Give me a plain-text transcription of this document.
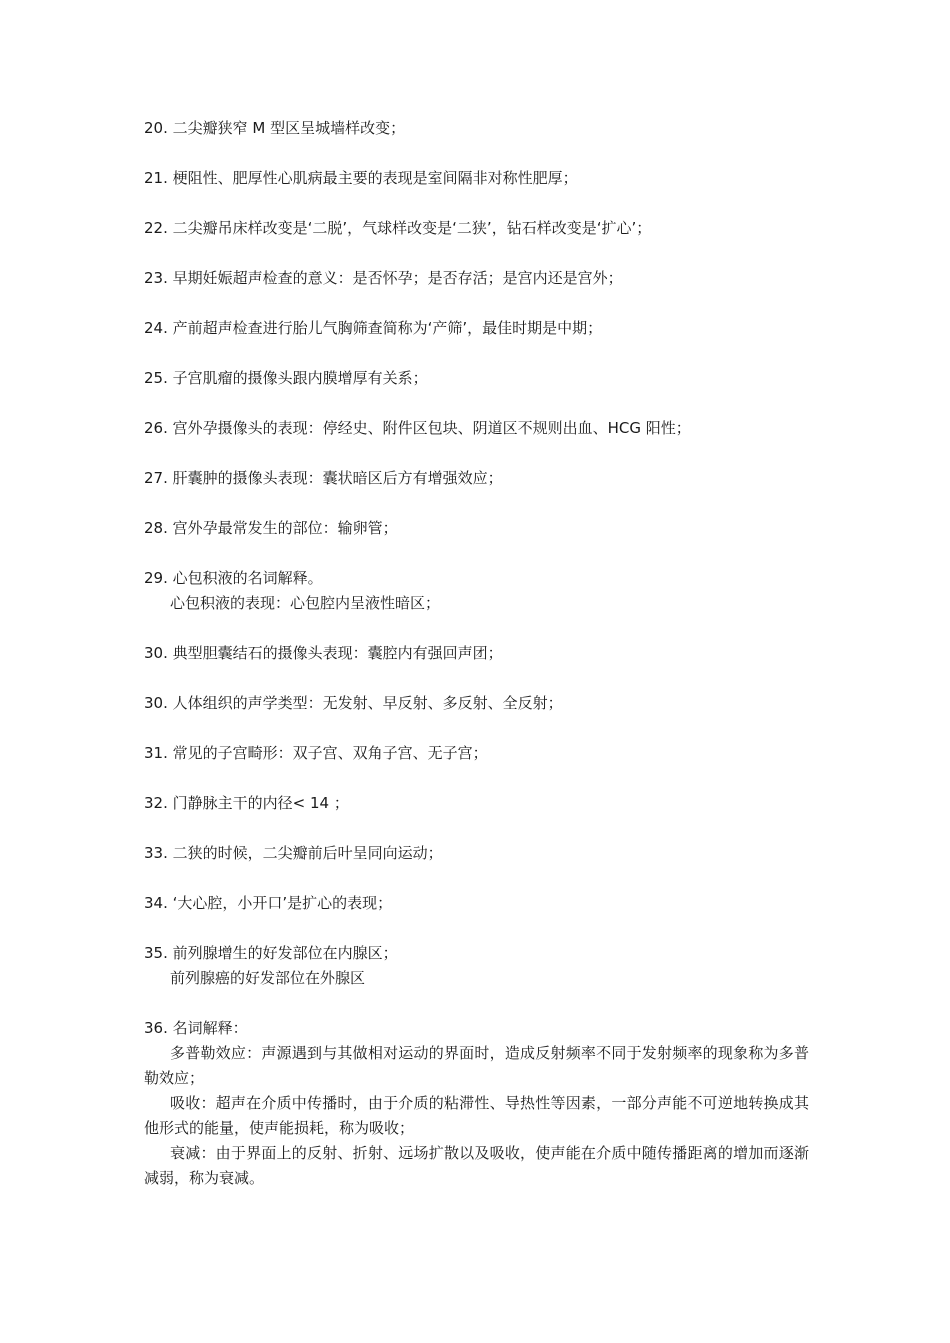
20. 二尖瓣狭窄 M 型区呈城墙样改变；
21. 梗阻性、肥厚性心肌病最主要的表现是室间隔非对称性肥厚；
22. 二尖瓣吊床样改变是‘二脱’，气球样改变是‘二狭’，钻石样改变是‘扩心’；
23. 早期妊娠超声检查的意义：是否怀孕；是否存活；是宫内还是宫外；
24. 产前超声检查进行胎儿气胸筛查简称为‘产筛’，最佳时期是中期；
25. 子宫肌瘤的摄像头跟内膜增厚有关系；
26. 宫外孕摄像头的表现：停经史、附件区包块、阴道区不规则出血、HCG 阳性；
27. 肝囊肿的摄像头表现：囊状暗区后方有增强效应；
28. 宫外孕最常发生的部位：输卵管；
29. 心包积液的名词解释。
心包积液的表现：心包腔内呈液性暗区；
30. 典型胆囊结石的摄像头表现：囊腔内有强回声团；
30. 人体组织的声学类型：无发射、早反射、多反射、全反射；
31. 常见的子宫畸形：双子宫、双角子宫、无子宫；
32. 门静脉主干的内径< 14 ；
33. 二狭的时候，二尖瓣前后叶呈同向运动；
34. ‘大心腔，小开口’是扩心的表现；
35. 前列腺增生的好发部位在内腺区；
前列腺癌的好发部位在外腺区
36. 名词解释：
多普勒效应：声源遇到与其做相对运动的界面时，造成反射频率不同于发射频率的现象称为多普勒效应；
吸收：超声在介质中传播时，由于介质的粘滞性、导热性等因素，一部分声能不可逆地转换成其他形式的能量，使声能损耗，称为吸收；
衰减：由于界面上的反射、折射、远场扩散以及吸收，使声能在介质中随传播距离的增加而逐渐减弱，称为衰减。
